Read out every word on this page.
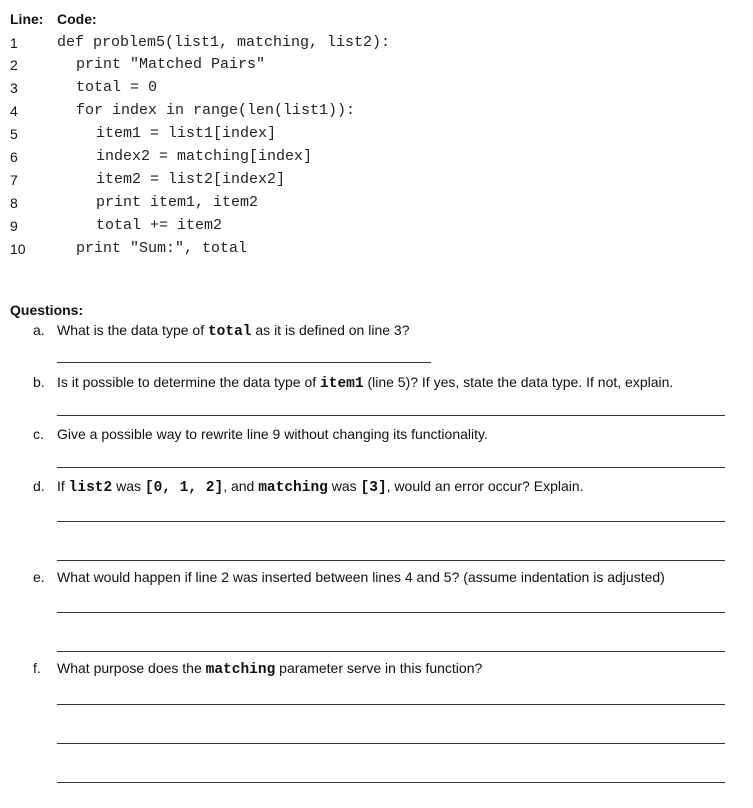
Line: Code:
1
2
3
4
5
6
7
8
9
10
def problem5(list1, matching, list2):
print "Matched Pairs"
total = 0
for index in range(len(list1)):
item1 = list1[index]
index2 = matching[index]
item2 = list2[index2]
print item1, item2
total += item2
print "Sum:", total
Questions:
a. What is the data type of total as it is defined on line 3?
b. Is it possible to determine the data type of item1 (line 5)? If yes, state the data type. If not, explain.
c. Give a possible way to rewrite line 9 without changing its functionality.
d. If list2 was [0, 1, 2], and matching was [3], would an error occur? Explain.
e. What would happen if line 2 was inserted between lines 4 and 5? (assume indentation is adjusted)
f. What purpose does the matching parameter serve in this function?
